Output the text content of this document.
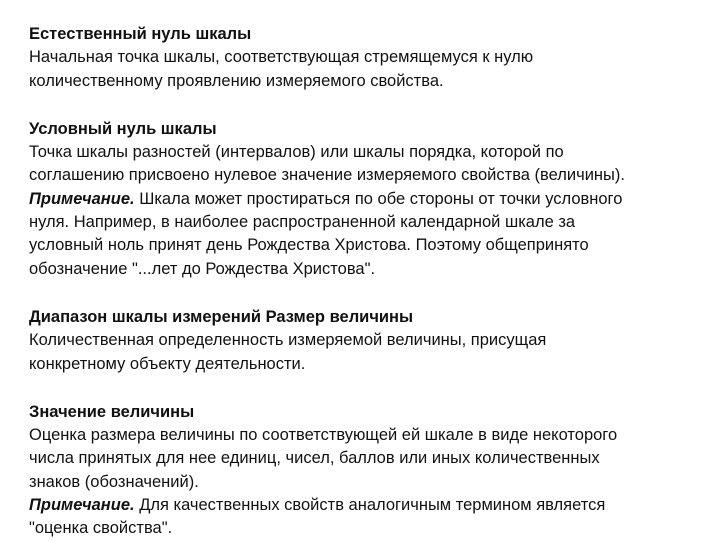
Естественный нуль шкалы
Начальная точка шкалы, соответствующая стремящемуся к нулю
количественному проявлению измеряемого свойства.
Условный нуль шкалы
Точка шкалы разностей (интервалов) или шкалы порядка, которой по
соглашению присвоено нулевое значение измеряемого свойства (величины).
Примечание. Шкала может простираться по обе стороны от точки условного
нуля. Например, в наиболее распространенной календарной шкале за
условный ноль принят день Рождества Христова. Поэтому общепринято
обозначение "...лет до Рождества Христова".
Диапазон шкалы измерений Размер величины
Количественная определенность измеряемой величины, присущая
конкретному объекту деятельности.
Значение величины
Оценка размера величины по соответствующей ей шкале в виде некоторого
числа принятых для нее единиц, чисел, баллов или иных количественных
знаков (обозначений).
Примечание. Для качественных свойств аналогичным термином является
"оценка свойства".
